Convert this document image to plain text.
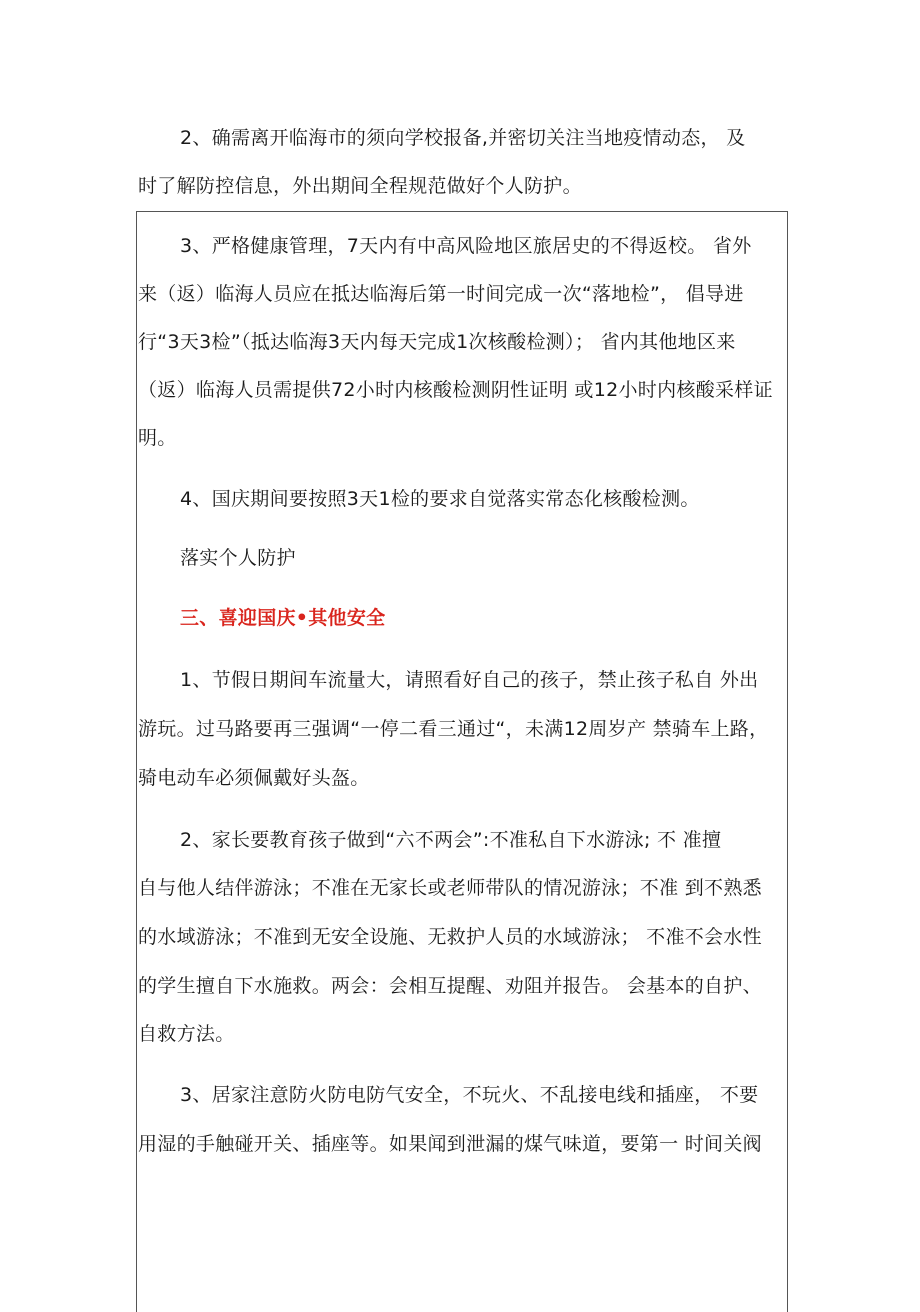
2、确需离开临海市的须向学校报备,并密切关注当地疫情动态， 及
时了解防控信息，外出期间全程规范做好个人防护。
3、严格健康管理，7天内有中高风险地区旅居史的不得返校。 省外
来（返）临海人员应在抵达临海后第一时间完成一次“落地检”， 倡导进
行“3天3检”（抵达临海3天内每天完成1次核酸检测）； 省内其他地区来
（返）临海人员需提供72小时内核酸检测阴性证明 或12小时内核酸采样证
明。
4、国庆期间要按照3天1检的要求自觉落实常态化核酸检测。
落实个人防护
三、喜迎国庆•其他安全
1、节假日期间车流量大，请照看好自己的孩子，禁止孩子私自 外出
游玩。过马路要再三强调“一停二看三通过“，未满12周岁产 禁骑车上路，
骑电动车必须佩戴好头盔。
2、家长要教育孩子做到“六不两会”:不准私自下水游泳; 不 准擅
自与他人结伴游泳；不准在无家长或老师带队的情况游泳；不准 到不熟悉
的水域游泳；不准到无安全设施、无救护人员的水域游泳； 不准不会水性
的学生擅自下水施救。两会：会相互提醒、劝阻并报告。 会基本的自护、
自救方法。
3、居家注意防火防电防气安全，不玩火、不乱接电线和插座， 不要
用湿的手触碰开关、插座等。如果闻到泄漏的煤气味道，要第一 时间关阀
